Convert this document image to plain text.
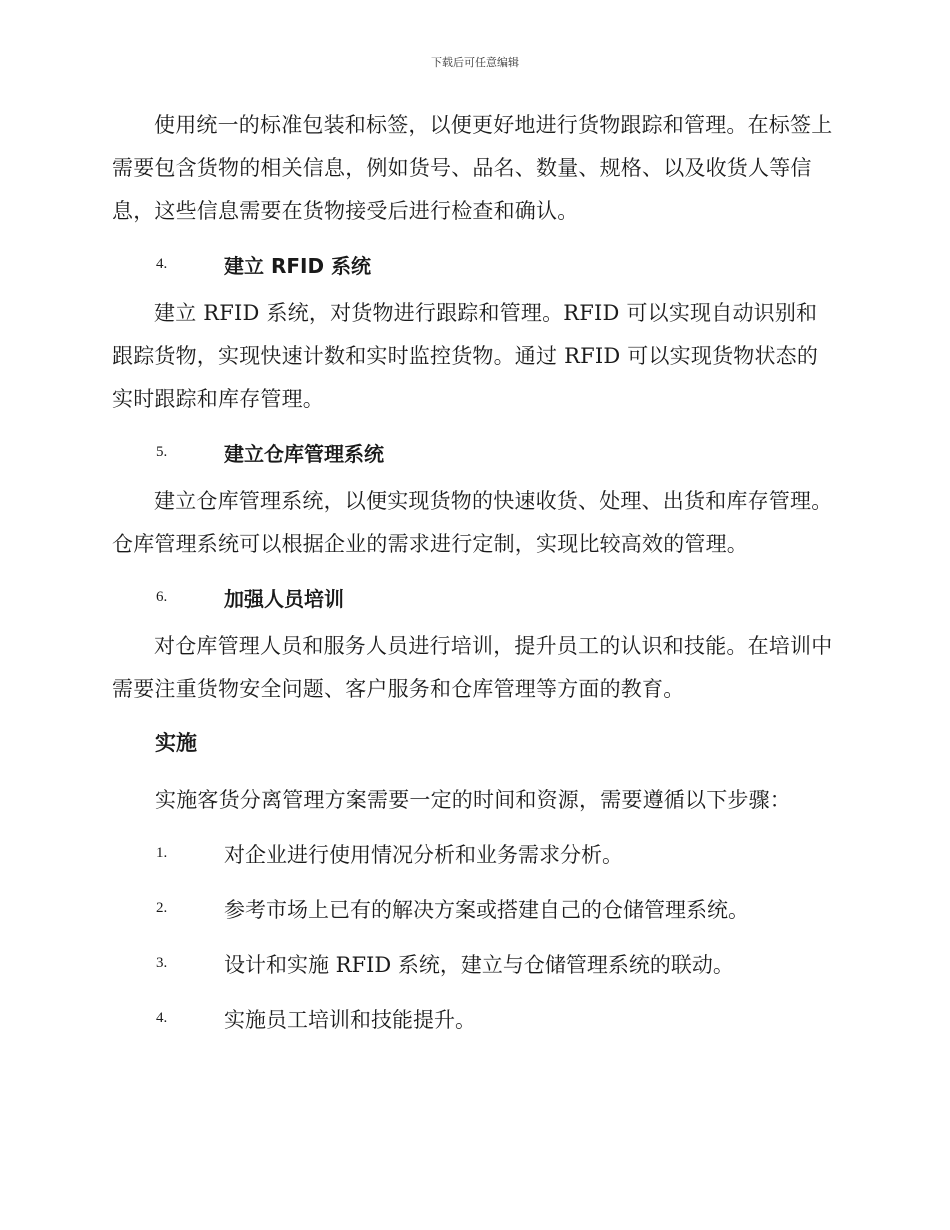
下载后可任意编辑

使用统一的标准包装和标签，以便更好地进行货物跟踪和管理。在标签上需要包含货物的相关信息，例如货号、品名、数量、规格、以及收货人等信息，这些信息需要在货物接受后进行检查和确认。

4.	建立 RFID 系统

建立 RFID 系统，对货物进行跟踪和管理。RFID 可以实现自动识别和跟踪货物，实现快速计数和实时监控货物。通过 RFID 可以实现货物状态的实时跟踪和库存管理。

5.	建立仓库管理系统

建立仓库管理系统，以便实现货物的快速收货、处理、出货和库存管理。仓库管理系统可以根据企业的需求进行定制，实现比较高效的管理。

6.	加强人员培训

对仓库管理人员和服务人员进行培训，提升员工的认识和技能。在培训中需要注重货物安全问题、客户服务和仓库管理等方面的教育。

实施

实施客货分离管理方案需要一定的时间和资源，需要遵循以下步骤：

1.	对企业进行使用情况分析和业务需求分析。
2.	参考市场上已有的解决方案或搭建自己的仓储管理系统。
3.	设计和实施 RFID 系统，建立与仓储管理系统的联动。
4.	实施员工培训和技能提升。
